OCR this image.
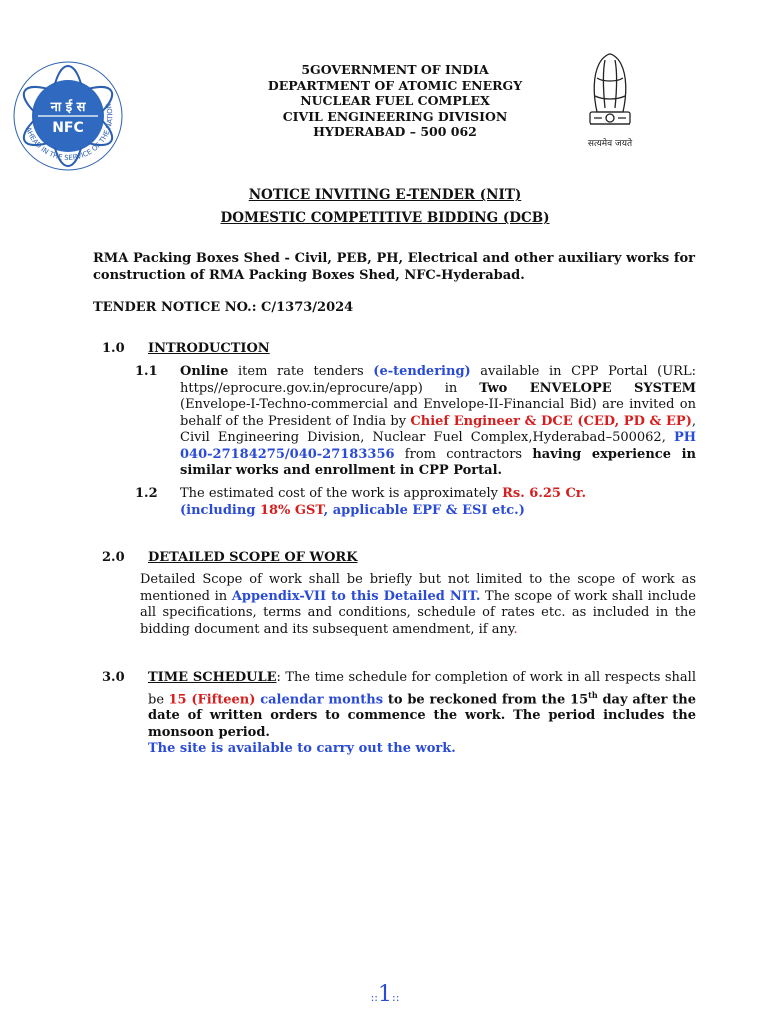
ना ई स
NFC
AHEAD IN THE SERVICE OF THE NATION
सत्यमेव जयते
5GOVERNMENT OF INDIA
DEPARTMENT OF ATOMIC ENERGY
NUCLEAR FUEL COMPLEX
CIVIL ENGINEERING DIVISION
HYDERABAD – 500 062
NOTICE INVITING E-TENDER (NIT)
DOMESTIC COMPETITIVE BIDDING (DCB)
RMA Packing Boxes Shed - Civil, PEB, PH, Electrical and other auxiliary works for construction of RMA Packing Boxes Shed, NFC-Hyderabad.
TENDER NOTICE NO.: C/1373/2024
1.0 INTRODUCTION
1.1 Online item rate tenders (e-tendering) available in CPP Portal (URL: https//eprocure.gov.in/eprocure/app) in Two ENVELOPE SYSTEM (Envelope-I-Techno-commercial and Envelope-II-Financial Bid) are invited on behalf of the President of India by Chief Engineer & DCE (CED, PD & EP), Civil Engineering Division, Nuclear Fuel Complex,Hyderabad–500062, PH 040-27184275/040-27183356 from contractors having experience in similar works and enrollment in CPP Portal.
1.2 The estimated cost of the work is approximately Rs. 6.25 Cr.
(including 18% GST, applicable EPF & ESI etc.)
2.0 DETAILED SCOPE OF WORK
Detailed Scope of work shall be briefly but not limited to the scope of work as mentioned in Appendix-VII to this Detailed NIT. The scope of work shall include all specifications, terms and conditions, schedule of rates etc. as included in the bidding document and its subsequent amendment, if any.
3.0 TIME SCHEDULE: The time schedule for completion of work in all respects shall be 15 (Fifteen) calendar months to be reckoned from the 15th day after the date of written orders to commence the work. The period includes the monsoon period.
The site is available to carry out the work.
::1::
